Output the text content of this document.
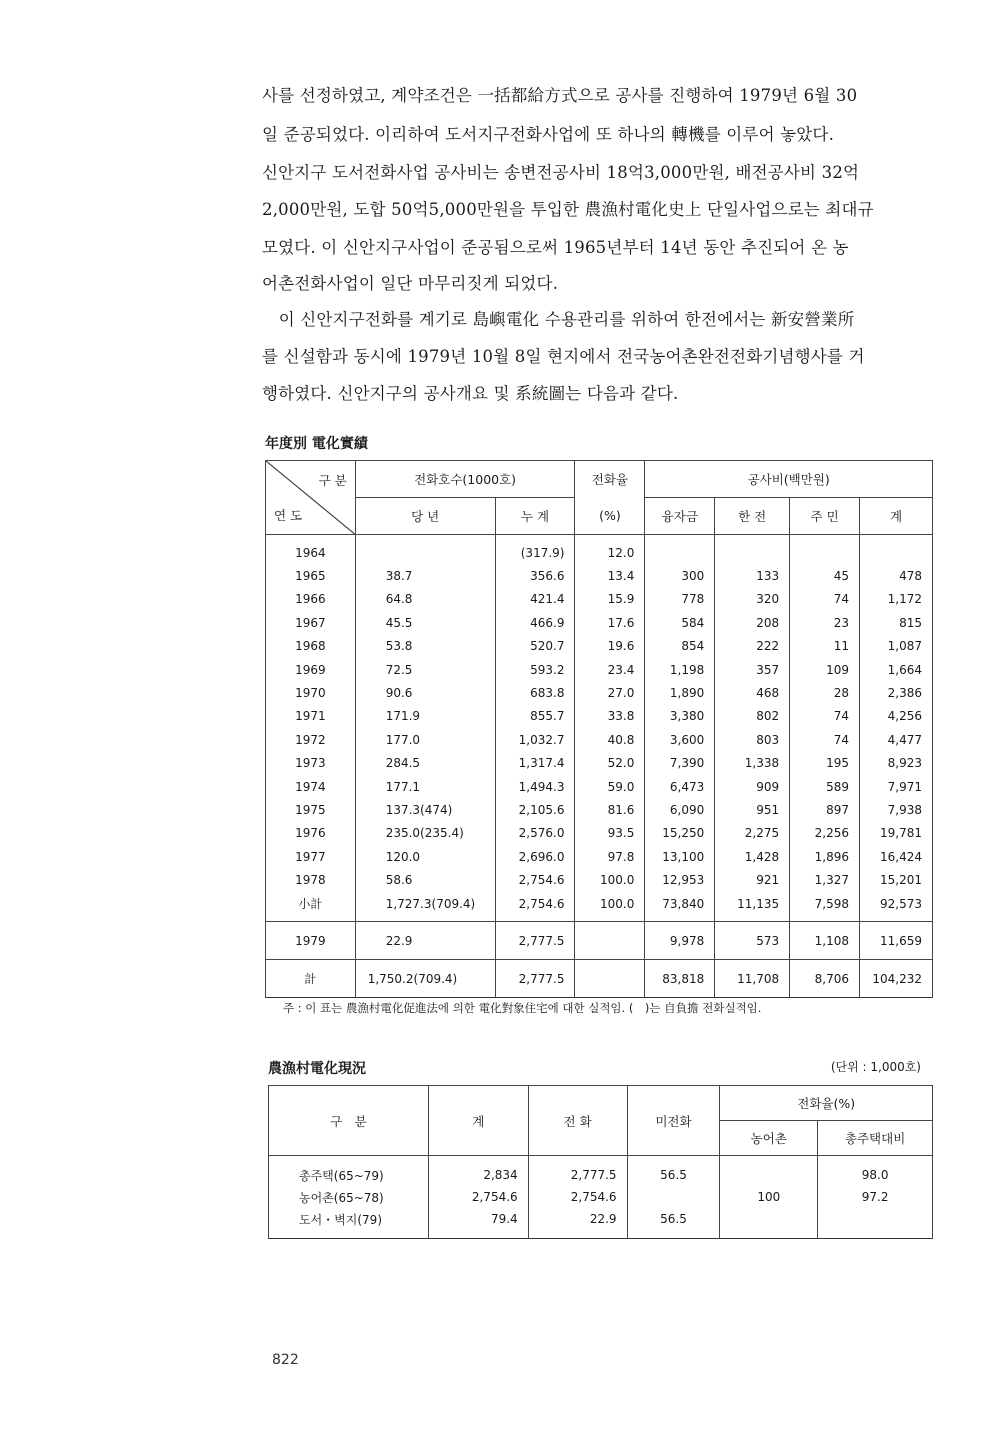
사를 선정하였고, 계약조건은 一括都給方式으로 공사를 진행하여 1979년 6월 30
일 준공되었다. 이리하여 도서지구전화사업에 또 하나의 轉機를 이루어 놓았다.
신안지구 도서전화사업 공사비는 송변전공사비 18억3,000만원, 배전공사비 32억
2,000만원, 도합 50억5,000만원을 투입한 農漁村電化史上 단일사업으로는 최대규
모였다. 이 신안지구사업이 준공됨으로써 1965년부터 14년 동안 추진되어 온 농
어촌전화사업이 일단 마무리짓게 되었다.
　이 신안지구전화를 계기로 島嶼電化 수용관리를 위하여 한전에서는 新安營業所
를 신설함과 동시에 1979년 10월 8일 현지에서 전국농어촌완전전화기념행사를 거
행하였다. 신안지구의 공사개요 및 系統圖는 다음과 같다.
年度別 電化實績
구 분
연 도	전화호수(1000호)		전화율	공사비(백만원)			
	당 년	누 계	(%)	융자금	한 전	주 민	계
1964		(317.9)	12.0				
1965	38.7	356.6	13.4	300	133	45	478
1966	64.8	421.4	15.9	778	320	74	1,172
1967	45.5	466.9	17.6	584	208	23	815
1968	53.8	520.7	19.6	854	222	11	1,087
1969	72.5	593.2	23.4	1,198	357	109	1,664
1970	90.6	683.8	27.0	1,890	468	28	2,386
1971	171.9	855.7	33.8	3,380	802	74	4,256
1972	177.0	1,032.7	40.8	3,600	803	74	4,477
1973	284.5	1,317.4	52.0	7,390	1,338	195	8,923
1974	177.1	1,494.3	59.0	6,473	909	589	7,971
1975	137.3(474)	2,105.6	81.6	6,090	951	897	7,938
1976	235.0(235.4)	2,576.0	93.5	15,250	2,275	2,256	19,781
1977	120.0	2,696.0	97.8	13,100	1,428	1,896	16,424
1978	58.6	2,754.6	100.0	12,953	921	1,327	15,201
小計	1,727.3(709.4)	2,754.6	100.0	73,840	11,135	7,598	92,573
1979	22.9	2,777.5		9,978	573	1,108	11,659
計	1,750.2(709.4)	2,777.5		83,818	11,708	8,706	104,232
주 : 이 표는 農漁村電化促進法에 의한 電化對象住宅에 대한 실적임. (　)는 自負擔 전화실적임.
農漁村電化現況	(단위 : 1,000호)
구　분	계	전 화	미전화	전화율(%)	
				농어촌	총주택대비
총주택(65~79)	2,834	2,777.5	56.5		98.0
농어촌(65~78)	2,754.6	2,754.6		100	97.2
도서・벽지(79)	79.4	22.9	56.5		
822
